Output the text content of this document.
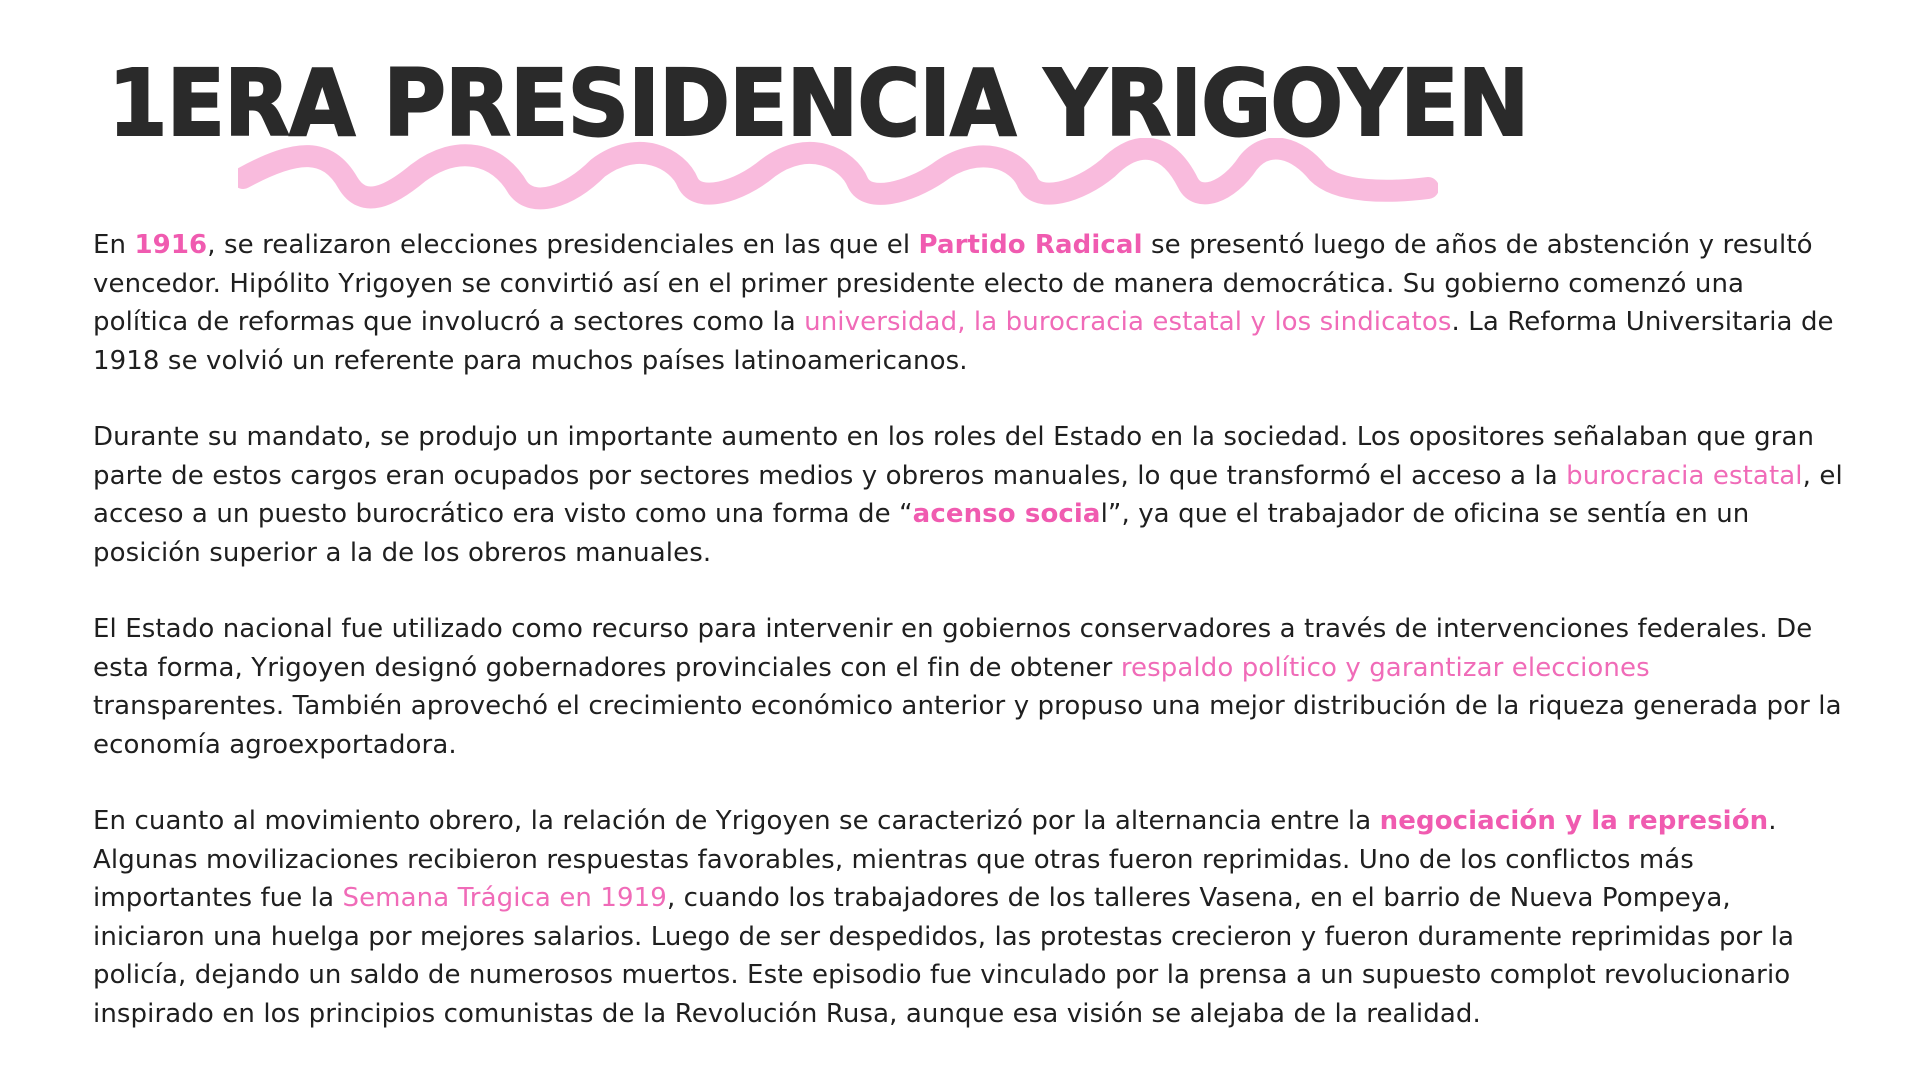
1ERA PRESIDENCIA YRIGOYEN

En 1916, se realizaron elecciones presidenciales en las que el Partido Radical se presentó luego de años de abstención y resultó vencedor. Hipólito Yrigoyen se convirtió así en el primer presidente electo de manera democrática. Su gobierno comenzó una política de reformas que involucró a sectores como la universidad, la burocracia estatal y los sindicatos. La Reforma Universitaria de 1918 se volvió un referente para muchos países latinoamericanos.

Durante su mandato, se produjo un importante aumento en los roles del Estado en la sociedad. Los opositores señalaban que gran parte de estos cargos eran ocupados por sectores medios y obreros manuales, lo que transformó el acceso a la burocracia estatal, el acceso a un puesto burocrático era visto como una forma de “acenso social”, ya que el trabajador de oficina se sentía en un posición superior a la de los obreros manuales.

El Estado nacional fue utilizado como recurso para intervenir en gobiernos conservadores a través de intervenciones federales. De esta forma, Yrigoyen designó gobernadores provinciales con el fin de obtener respaldo político y garantizar elecciones transparentes. También aprovechó el crecimiento económico anterior y propuso una mejor distribución de la riqueza generada por la economía agroexportadora.

En cuanto al movimiento obrero, la relación de Yrigoyen se caracterizó por la alternancia entre la negociación y la represión. Algunas movilizaciones recibieron respuestas favorables, mientras que otras fueron reprimidas. Uno de los conflictos más importantes fue la Semana Trágica en 1919, cuando los trabajadores de los talleres Vasena, en el barrio de Nueva Pompeya, iniciaron una huelga por mejores salarios. Luego de ser despedidos, las protestas crecieron y fueron duramente reprimidas por la policía, dejando un saldo de numerosos muertos. Este episodio fue vinculado por la prensa a un supuesto complot revolucionario inspirado en los principios comunistas de la Revolución Rusa, aunque esa visión se alejaba de la realidad.
